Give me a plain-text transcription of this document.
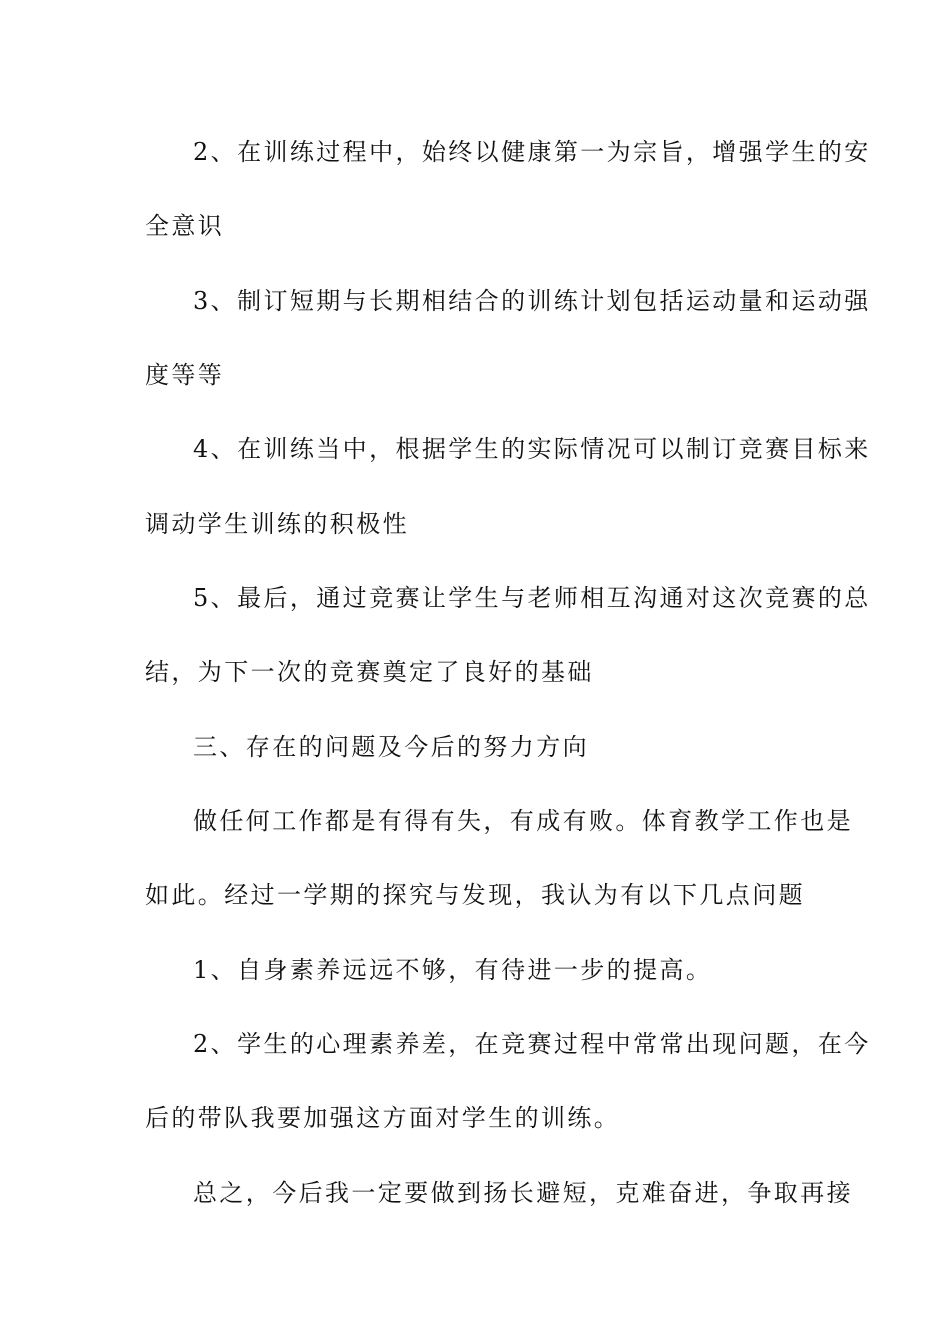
2、在训练过程中，始终以健康第一为宗旨，增强学生的安
全意识
3、制订短期与长期相结合的训练计划包括运动量和运动强
度等等
4、在训练当中，根据学生的实际情况可以制订竞赛目标来
调动学生训练的积极性
5、最后，通过竞赛让学生与老师相互沟通对这次竞赛的总
结，为下一次的竞赛奠定了良好的基础
三、存在的问题及今后的努力方向
做任何工作都是有得有失，有成有败。体育教学工作也是
如此。经过一学期的探究与发现，我认为有以下几点问题
1、自身素养远远不够，有待进一步的提高。
2、学生的心理素养差，在竞赛过程中常常出现问题，在今
后的带队我要加强这方面对学生的训练。
总之，今后我一定要做到扬长避短，克难奋进，争取再接
